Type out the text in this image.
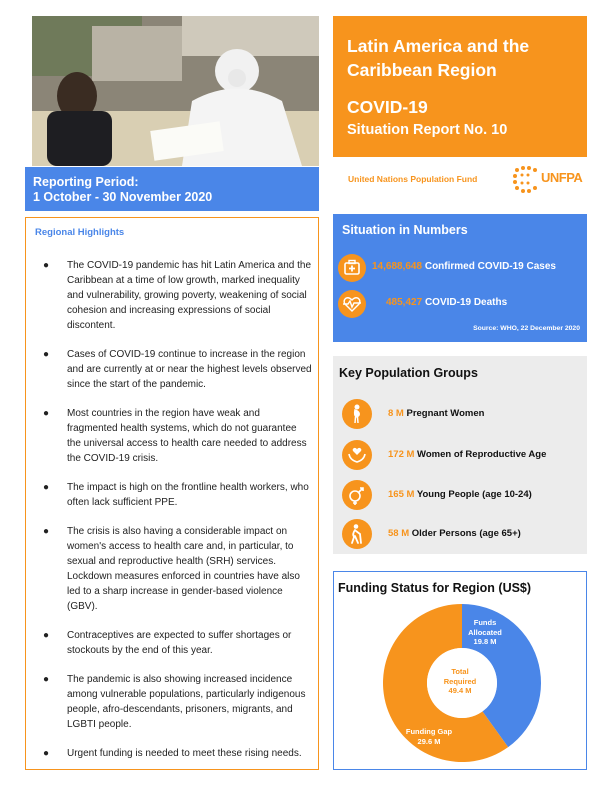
Latin America and the
Caribbean Region
COVID-19
Situation Report No. 10
United Nations Population Fund	UNFPA
Reporting Period:
1 October - 30 November 2020
Regional Highlights
● The COVID-19 pandemic has hit Latin America and the Caribbean at a time of low growth, marked inequality and vulnerability, growing poverty, weakening of social cohesion and increasing expressions of social discontent.
● Cases of COVID-19 continue to increase in the region and are currently at or near the highest levels observed since the start of the pandemic.
● Most countries in the region have weak and fragmented health systems, which do not guarantee the universal access to health care needed to address the COVID-19 crisis.
● The impact is high on the frontline health workers, who often lack sufficient PPE.
● The crisis is also having a considerable impact on women's access to health care and, in particular, to sexual and reproductive health (SRH) services. Lockdown measures enforced in countries have also led to a sharp increase in gender-based violence (GBV).
● Contraceptives are expected to suffer shortages or stockouts by the end of this year.
● The pandemic is also showing increased incidence among vulnerable populations, particularly indigenous people, afro-descendants, prisoners, migrants, and LGBTI people.
● Urgent funding is needed to meet these rising needs.
Situation in Numbers
14,688,648 Confirmed COVID-19 Cases
485,427 COVID-19 Deaths
Source: WHO, 22 December 2020
Key Population Groups
8 M Pregnant Women
172 M Women of Reproductive Age
165 M Young People (age 10-24)
58 M Older Persons (age 65+)
Funding Status for Region (US$)
Funds
Allocated
19.8 M
Total
Required
49.4 M
Funding Gap
29.6 M
